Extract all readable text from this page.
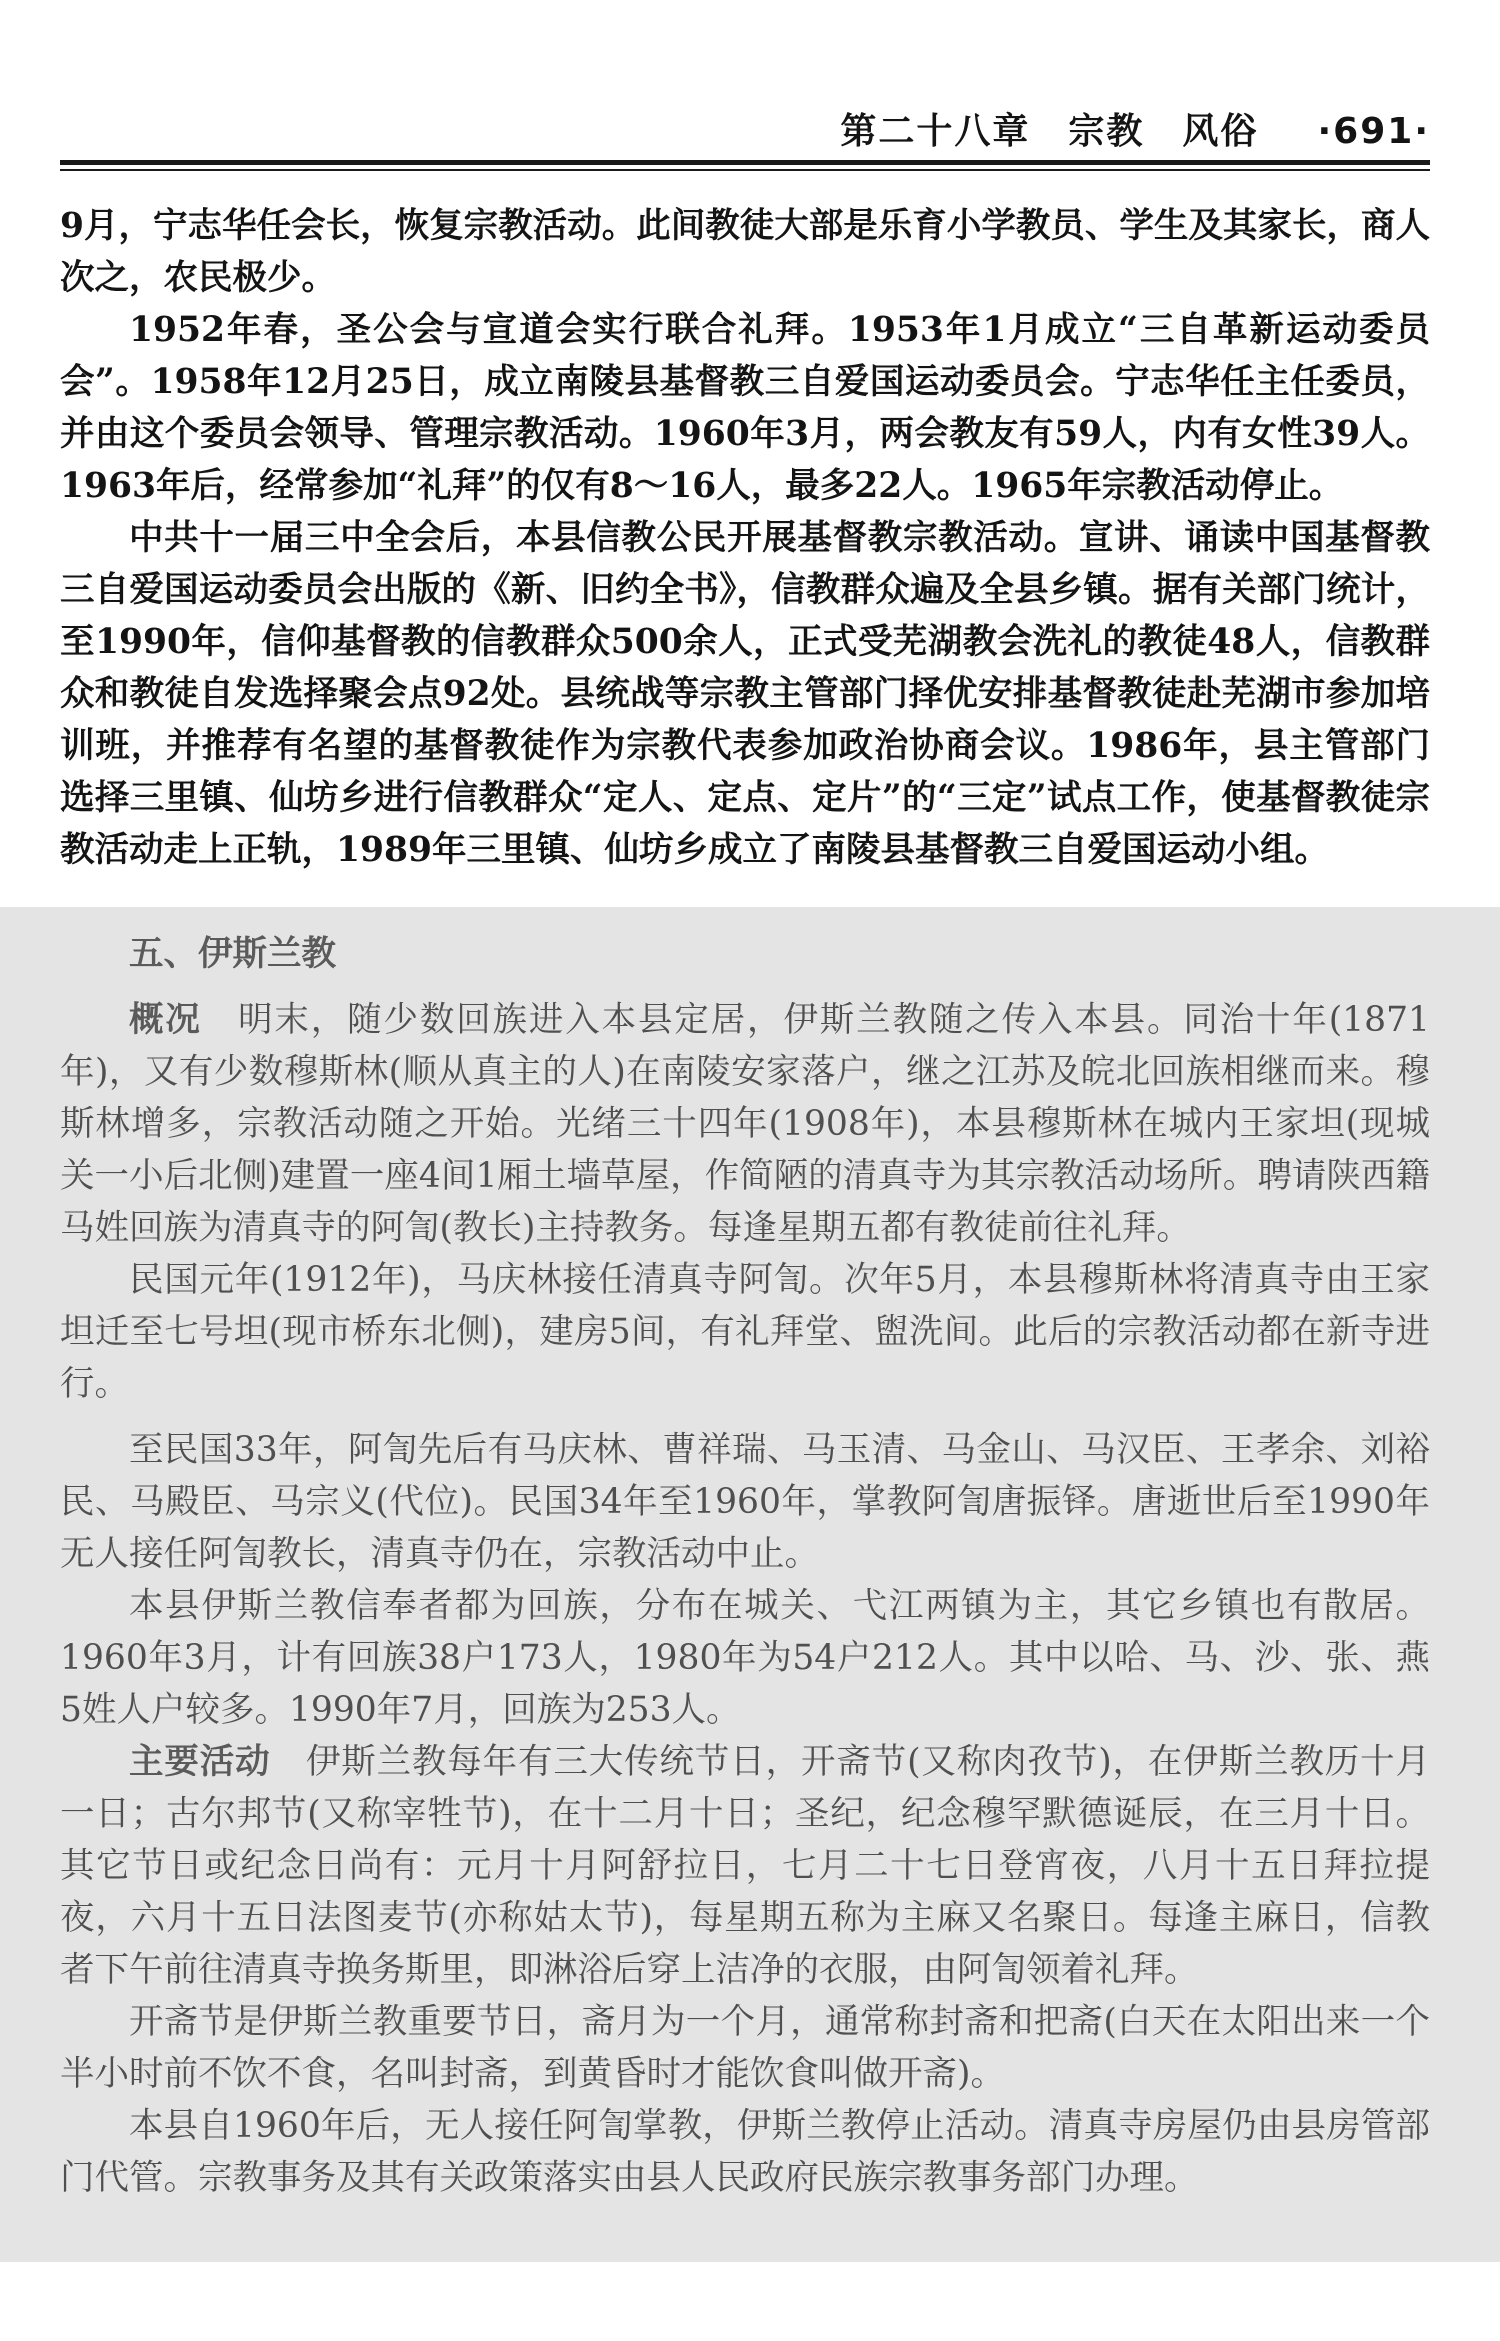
第二十八章　宗教　风俗 ·691·

9月，宁志华任会长，恢复宗教活动。此间教徒大部是乐育小学教员、学生及其家长，商人次之，农民极少。

1952年春，圣公会与宣道会实行联合礼拜。1953年1月成立“三自革新运动委员会”。1958年12月25日，成立南陵县基督教三自爱国运动委员会。宁志华任主任委员，并由这个委员会领导、管理宗教活动。1960年3月，两会教友有59人，内有女性39人。1963年后，经常参加“礼拜”的仅有8～16人，最多22人。1965年宗教活动停止。

中共十一届三中全会后，本县信教公民开展基督教宗教活动。宣讲、诵读中国基督教三自爱国运动委员会出版的《新、旧约全书》，信教群众遍及全县乡镇。据有关部门统计，至1990年，信仰基督教的信教群众500余人，正式受芜湖教会洗礼的教徒48人，信教群众和教徒自发选择聚会点92处。县统战等宗教主管部门择优安排基督教徒赴芜湖市参加培训班，并推荐有名望的基督教徒作为宗教代表参加政治协商会议。1986年，县主管部门选择三里镇、仙坊乡进行信教群众“定人、定点、定片”的“三定”试点工作，使基督教徒宗教活动走上正轨，1989年三里镇、仙坊乡成立了南陵县基督教三自爱国运动小组。

五、伊斯兰教

概况　明末，随少数回族进入本县定居，伊斯兰教随之传入本县。同治十年(1871年)，又有少数穆斯林(顺从真主的人)在南陵安家落户，继之江苏及皖北回族相继而来。穆斯林增多，宗教活动随之开始。光绪三十四年(1908年)，本县穆斯林在城内王家坦(现城关一小后北侧)建置一座4间1厢土墙草屋，作简陋的清真寺为其宗教活动场所。聘请陕西籍马姓回族为清真寺的阿訇(教长)主持教务。每逢星期五都有教徒前往礼拜。

民国元年(1912年)，马庆林接任清真寺阿訇。次年5月，本县穆斯林将清真寺由王家坦迁至七号坦(现市桥东北侧)，建房5间，有礼拜堂、盥洗间。此后的宗教活动都在新寺进行。

至民国33年，阿訇先后有马庆林、曹祥瑞、马玉清、马金山、马汉臣、王孝余、刘裕民、马殿臣、马宗义(代位)。民国34年至1960年，掌教阿訇唐振铎。唐逝世后至1990年无人接任阿訇教长，清真寺仍在，宗教活动中止。

本县伊斯兰教信奉者都为回族，分布在城关、弋江两镇为主，其它乡镇也有散居。1960年3月，计有回族38户173人，1980年为54户212人。其中以哈、马、沙、张、燕5姓人户较多。1990年7月，回族为253人。

主要活动　伊斯兰教每年有三大传统节日，开斋节(又称肉孜节)，在伊斯兰教历十月一日；古尔邦节(又称宰牲节)，在十二月十日；圣纪，纪念穆罕默德诞辰，在三月十日。其它节日或纪念日尚有：元月十月阿舒拉日，七月二十七日登宵夜，八月十五日拜拉提夜，六月十五日法图麦节(亦称姑太节)，每星期五称为主麻又名聚日。每逢主麻日，信教者下午前往清真寺换务斯里，即淋浴后穿上洁净的衣服，由阿訇领着礼拜。

开斋节是伊斯兰教重要节日，斋月为一个月，通常称封斋和把斋(白天在太阳出来一个半小时前不饮不食，名叫封斋，到黄昏时才能饮食叫做开斋)。

本县自1960年后，无人接任阿訇掌教，伊斯兰教停止活动。清真寺房屋仍由县房管部门代管。宗教事务及其有关政策落实由县人民政府民族宗教事务部门办理。
